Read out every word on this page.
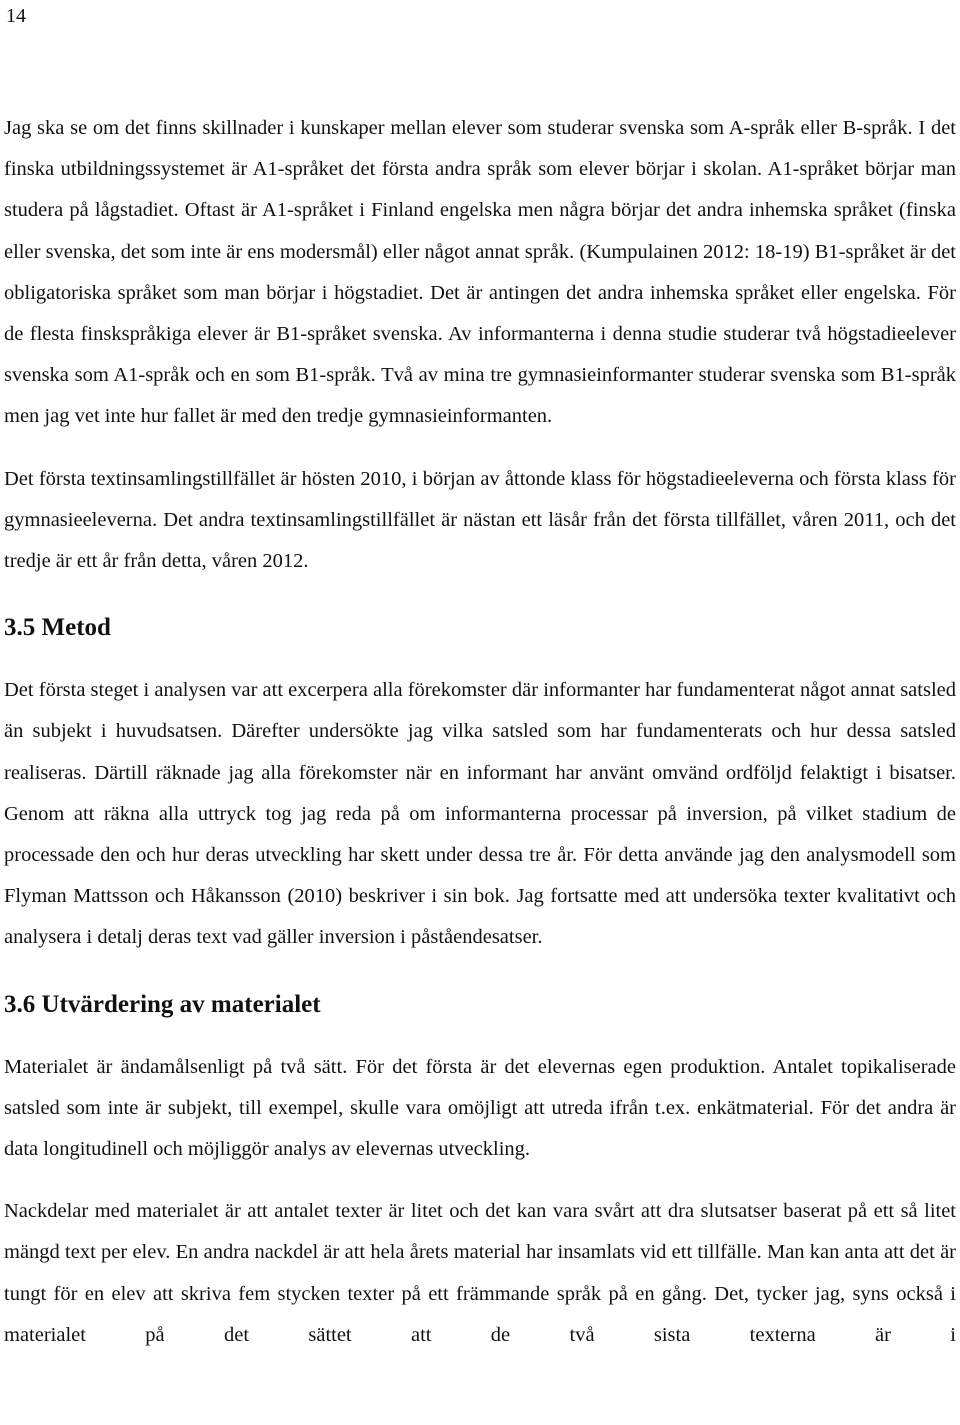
14

Jag ska se om det finns skillnader i kunskaper mellan elever som studerar svenska som A-språk eller B-språk. I det finska utbildningssystemet är A1-språket det första andra språk som elever börjar i skolan. A1-språket börjar man studera på lågstadiet. Oftast är A1-språket i Finland engelska men några börjar det andra inhemska språket (finska eller svenska, det som inte är ens modersmål) eller något annat språk. (Kumpulainen 2012: 18-19) B1-språket är det obligatoriska språket som man börjar i högstadiet. Det är antingen det andra inhemska språket eller engelska. För de flesta finskspråkiga elever är B1-språket svenska. Av informanterna i denna studie studerar två högstadieelever svenska som A1-språk och en som B1-språk. Två av mina tre gymnasieinformanter studerar svenska som B1-språk men jag vet inte hur fallet är med den tredje gymnasieinformanten.

Det första textinsamlingstillfället är hösten 2010, i början av åttonde klass för högstadieeleverna och första klass för gymnasieeleverna. Det andra textinsamlingstillfället är nästan ett läsår från det första tillfället, våren 2011, och det tredje är ett år från detta, våren 2012.

3.5 Metod

Det första steget i analysen var att excerpera alla förekomster där informanter har fundamenterat något annat satsled än subjekt i huvudsatsen. Därefter undersökte jag vilka satsled som har fundamenterats och hur dessa satsled realiseras. Därtill räknade jag alla förekomster när en informant har använt omvänd ordföljd felaktigt i bisatser. Genom att räkna alla uttryck tog jag reda på om informanterna processar på inversion, på vilket stadium de processade den och hur deras utveckling har skett under dessa tre år. För detta använde jag den analysmodell som Flyman Mattsson och Håkansson (2010) beskriver i sin bok. Jag fortsatte med att undersöka texter kvalitativt och analysera i detalj deras text vad gäller inversion i påståendesatser.

3.6 Utvärdering av materialet

Materialet är ändamålsenligt på två sätt. För det första är det elevernas egen produktion. Antalet topikaliserade satsled som inte är subjekt, till exempel, skulle vara omöjligt att utreda ifrån t.ex. enkätmaterial. För det andra är data longitudinell och möjliggör analys av elevernas utveckling.

Nackdelar med materialet är att antalet texter är litet och det kan vara svårt att dra slutsatser baserat på ett så litet mängd text per elev. En andra nackdel är att hela årets material har insamlats vid ett tillfälle. Man kan anta att det är tungt för en elev att skriva fem stycken texter på ett främmande språk på en gång. Det, tycker jag, syns också i materialet på det sättet att de två sista texterna är i
